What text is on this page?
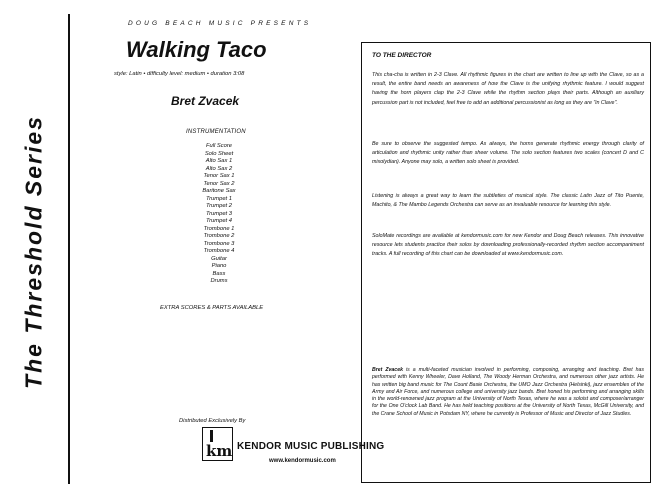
The Threshold Series
DOUG BEACH MUSIC PRESENTS
Walking Taco
style: Latin • difficulty level: medium • duration 3:08
Bret Zvacek
INSTRUMENTATION
Full Score
Solo Sheet
Alto Sax 1
Alto Sax 2
Tenor Sax 1
Tenor Sax 2
Baritone Sax
Trumpet 1
Trumpet 2
Trumpet 3
Trumpet 4
Trombone 1
Trombone 2
Trombone 3
Trombone 4
Guitar
Piano
Bass
Drums
EXTRA SCORES & PARTS AVAILABLE
Distributed Exclusively By
km KENDOR MUSIC PUBLISHING
www.kendormusic.com
TO THE DIRECTOR
This cha-cha is written in 2-3 Clave. All rhythmic figures in the chart are written to line up with the Clave, so as a result, the entire band needs an awareness of how the Clave is the unifying rhythmic feature. I would suggest having the horn players clap the 2-3 Clave while the rhythm section plays their parts. Although an auxiliary percussion part is not included, feel free to add an additional percussionist as long as they are "in Clave".
Be sure to observe the suggested tempo. As always, the horns generate rhythmic energy through clarity of articulation and rhythmic unity rather than sheer volume. The solo section features two scales (concert D and C mixolydian). Anyone may solo, a written solo sheet is provided.
Listening is always a great way to learn the subtleties of musical style. The classic Latin Jazz of Tito Puente, Machito, & The Mambo Legends Orchestra can serve as an invaluable resource for learning this style.
SoloMate recordings are available at kendormusic.com for new Kendor and Doug Beach releases. This innovative resource lets students practice their solos by downloading professionally-recorded rhythm section accompaniment tracks. A full recording of this chart can be downloaded at www.kendormusic.com.
Bret Zvacek is a multi-faceted musician involved in performing, composing, arranging and teaching. Bret has performed with Kenny Wheeler, Dave Holland, The Woody Herman Orchestra, and numerous other jazz artists. He has written big band music for The Count Basie Orchestra, the UMO Jazz Orchestra (Helsinki), jazz ensembles of the Army and Air Force, and numerous college and university jazz bands. Bret honed his performing and arranging skills in the world-renowned jazz program at the University of North Texas, where he was a soloist and composer/arranger for the One O'clock Lab Band. He has held teaching positions at the University of North Texas, McGill University, and the Crane School of Music in Potsdam NY, where he currently is Professor of Music and Director of Jazz Studies.
